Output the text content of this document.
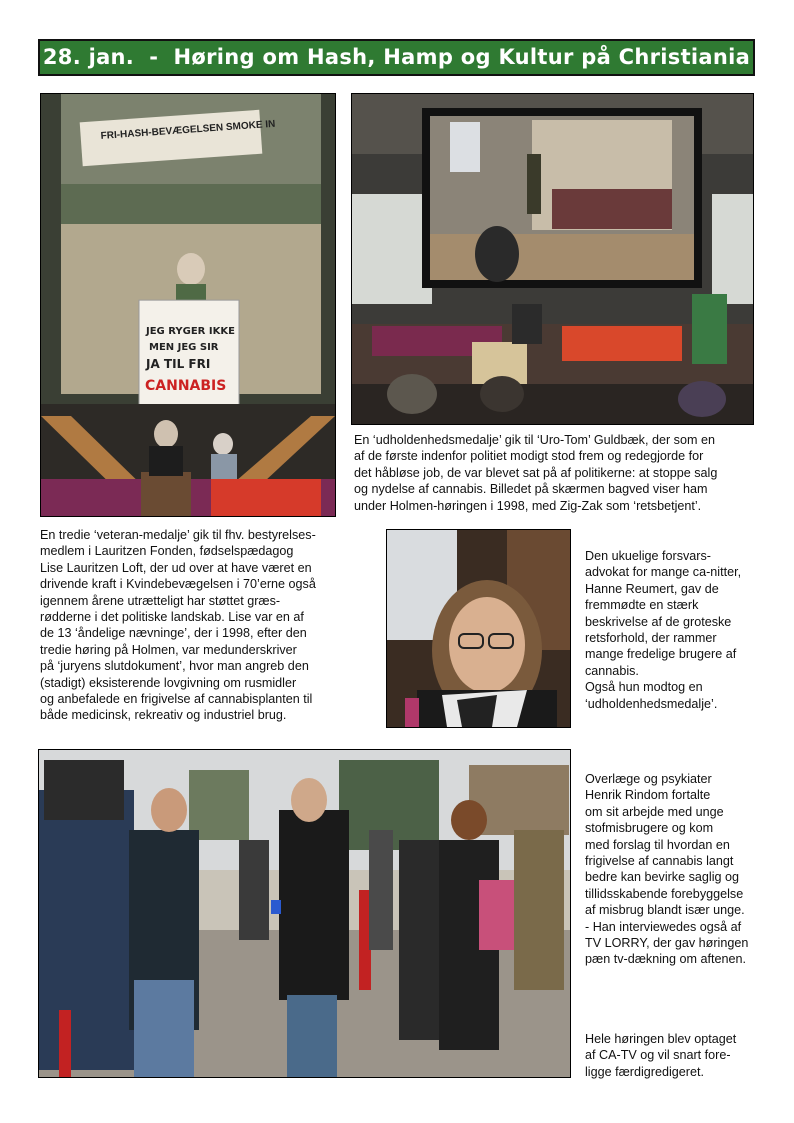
28. jan.  -  Høring om Hash, Hamp og Kultur på Christiania
FRI-HASH-BEVÆGELSEN SMOKE IN
JEG RYGER IKKE
MEN JEG SIR
JA TIL FRI
CANNABIS

En ‘udholdenhedsmedalje’ gik til ‘Uro-Tom’ Guldbæk, der som en
af de første indenfor politiet modigt stod frem og redegjorde for
det håbløse job, de var blevet sat på af politikerne: at stoppe salg
og nydelse af cannabis. Billedet på skærmen bagved viser ham
under Holmen-høringen i 1998, med Zig-Zak som ‘retsbetjent’.

En tredie ‘veteran-medalje’ gik til fhv. bestyrelses-
medlem i Lauritzen Fonden, fødselspædagog
Lise Lauritzen Loft, der ud over at have været en
drivende kraft i Kvindebevægelsen i 70’erne også
igennem årene utrætteligt har støttet græs-
rødderne i det politiske landskab. Lise var en af
de 13 ‘åndelige nævninge’, der i 1998, efter den
tredie høring på Holmen, var medunderskriver
på ‘juryens slutdokument’, hvor man angreb den
(stadigt) eksisterende lovgivning om rusmidler
og anbefalede en frigivelse af cannabisplanten til
både medicinsk, rekreativ og industriel brug.

Den ukuelige forsvars-
advokat for mange ca-nitter,
Hanne Reumert, gav de
fremmødte en stærk
beskrivelse af de groteske
retsforhold, der rammer
mange fredelige brugere af
cannabis.
Også hun modtog en
‘udholdenhedsmedalje’.

Overlæge og psykiater
Henrik Rindom fortalte
om sit arbejde med unge
stofmisbrugere og kom
med forslag til hvordan en
frigivelse af cannabis langt
bedre kan bevirke saglig og
tillidsskabende forebyggelse
af misbrug blandt især unge.
- Han interviewedes også af
TV LORRY, der gav høringen
pæn tv-dækning om aftenen.

Hele høringen blev optaget
af CA-TV og vil snart fore-
ligge færdigredigeret.
